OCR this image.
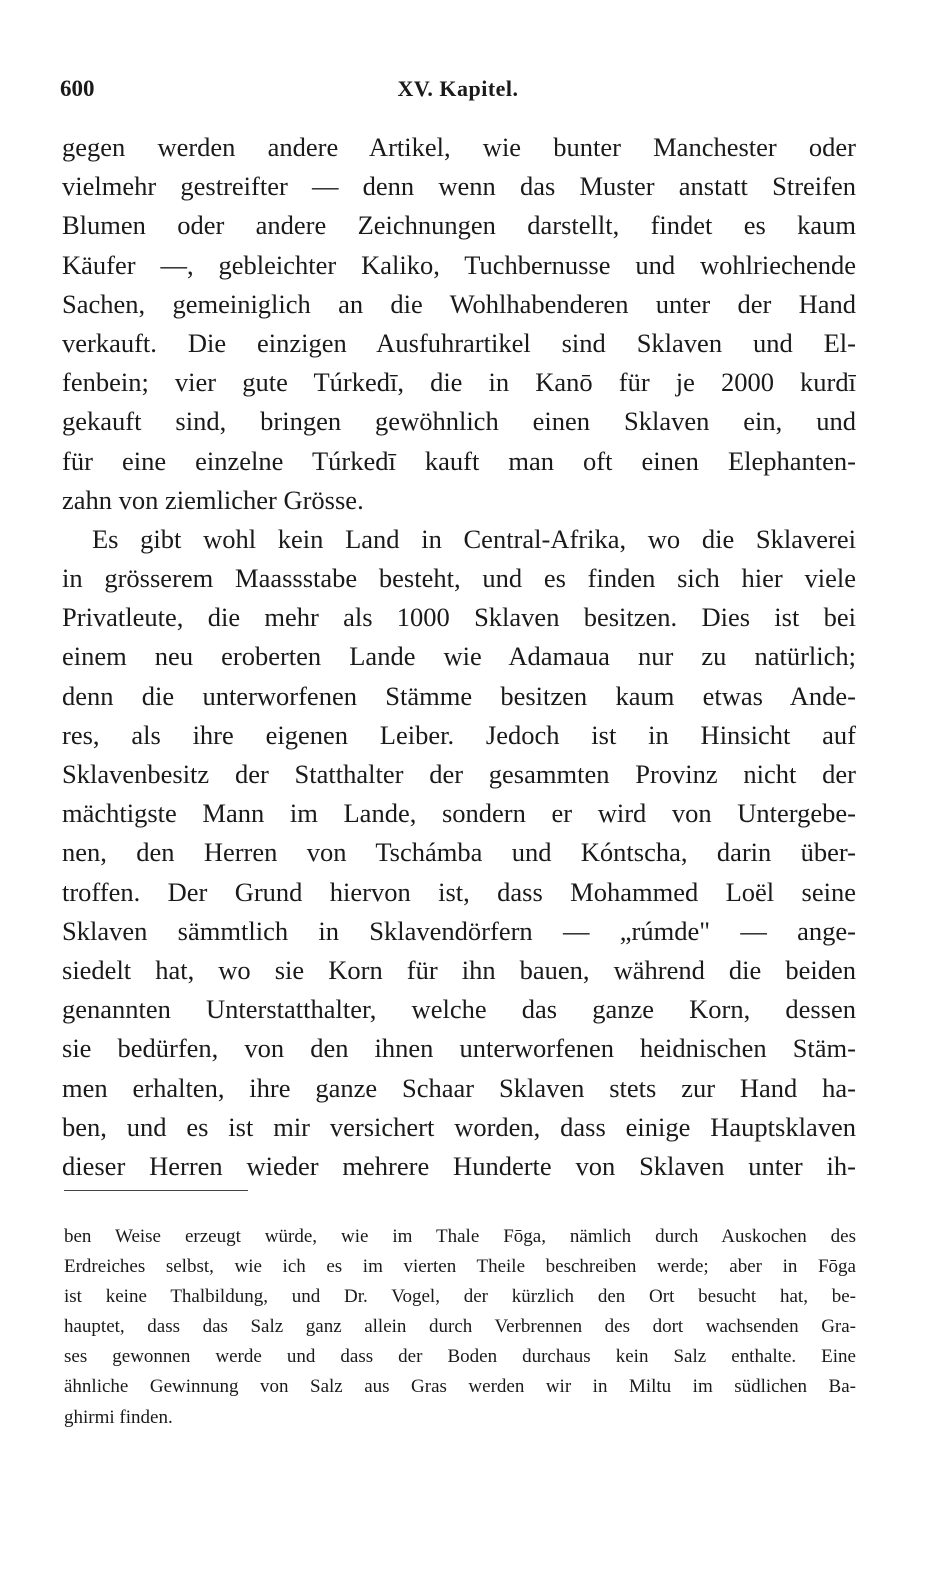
600	XV. Kapitel.
gegen werden andere Artikel, wie bunter Manchester oder
vielmehr gestreifter — denn wenn das Muster anstatt Streifen
Blumen oder andere Zeichnungen darstellt, findet es kaum
Käufer —, gebleichter Kaliko, Tuchbernusse und wohlriechende
Sachen, gemeiniglich an die Wohlhabenderen unter der Hand
verkauft. Die einzigen Ausfuhrartikel sind Sklaven und El-
fenbein; vier gute Túrkedī, die in Kanō für je 2000 kurdī
gekauft sind, bringen gewöhnlich einen Sklaven ein, und
für eine einzelne Túrkedī kauft man oft einen Elephanten-
zahn von ziemlicher Grösse.
Es gibt wohl kein Land in Central-Afrika, wo die Sklaverei
in grösserem Maassstabe besteht, und es finden sich hier viele
Privatleute, die mehr als 1000 Sklaven besitzen. Dies ist bei
einem neu eroberten Lande wie Adamaua nur zu natürlich;
denn die unterworfenen Stämme besitzen kaum etwas Ande-
res, als ihre eigenen Leiber. Jedoch ist in Hinsicht auf
Sklavenbesitz der Statthalter der gesammten Provinz nicht der
mächtigste Mann im Lande, sondern er wird von Untergebe-
nen, den Herren von Tschámba und Kóntscha, darin über-
troffen. Der Grund hiervon ist, dass Mohammed Loël seine
Sklaven sämmtlich in Sklavendörfern — „rúmde" — ange-
siedelt hat, wo sie Korn für ihn bauen, während die beiden
genannten Unterstatthalter, welche das ganze Korn, dessen
sie bedürfen, von den ihnen unterworfenen heidnischen Stäm-
men erhalten, ihre ganze Schaar Sklaven stets zur Hand ha-
ben, und es ist mir versichert worden, dass einige Hauptsklaven
dieser Herren wieder mehrere Hunderte von Sklaven unter ih-
ben Weise erzeugt würde, wie im Thale Fōga, nämlich durch Auskochen des
Erdreiches selbst, wie ich es im vierten Theile beschreiben werde; aber in Fōga
ist keine Thalbildung, und Dr. Vogel, der kürzlich den Ort besucht hat, be-
hauptet, dass das Salz ganz allein durch Verbrennen des dort wachsenden Gra-
ses gewonnen werde und dass der Boden durchaus kein Salz enthalte. Eine
ähnliche Gewinnung von Salz aus Gras werden wir in Miltu im südlichen Ba-
ghirmi finden.
